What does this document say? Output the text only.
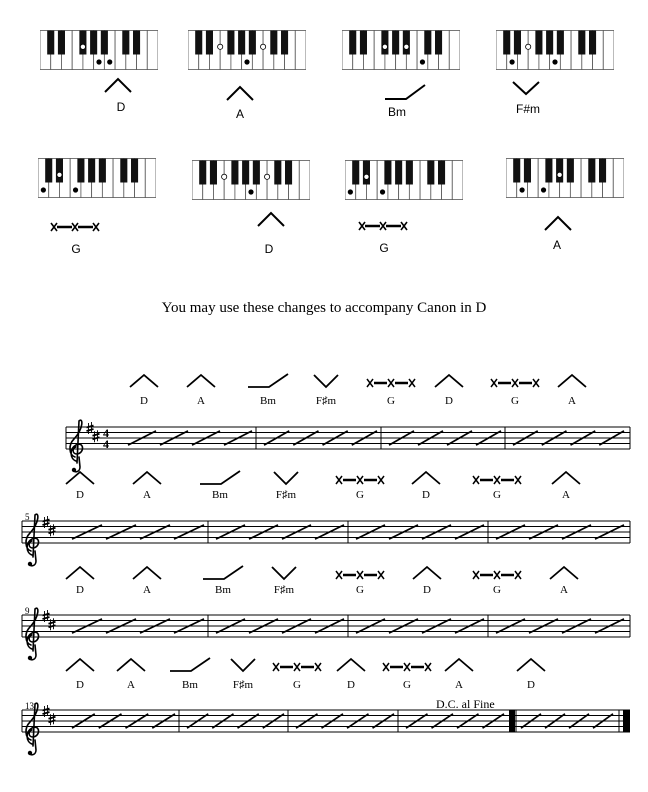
D	A	Bm	F#m
G	D	G	A
You may use these changes to accompany Canon in D
4
4
5
9
13	D.C. al Fine
D	A	Bm	F♯m	G	D	G	A
D	A	Bm	F♯m	G	D	G	A
D	A	Bm	F♯m	G	D	G	A
D	A	Bm	F♯m	G	D	G	A	D
